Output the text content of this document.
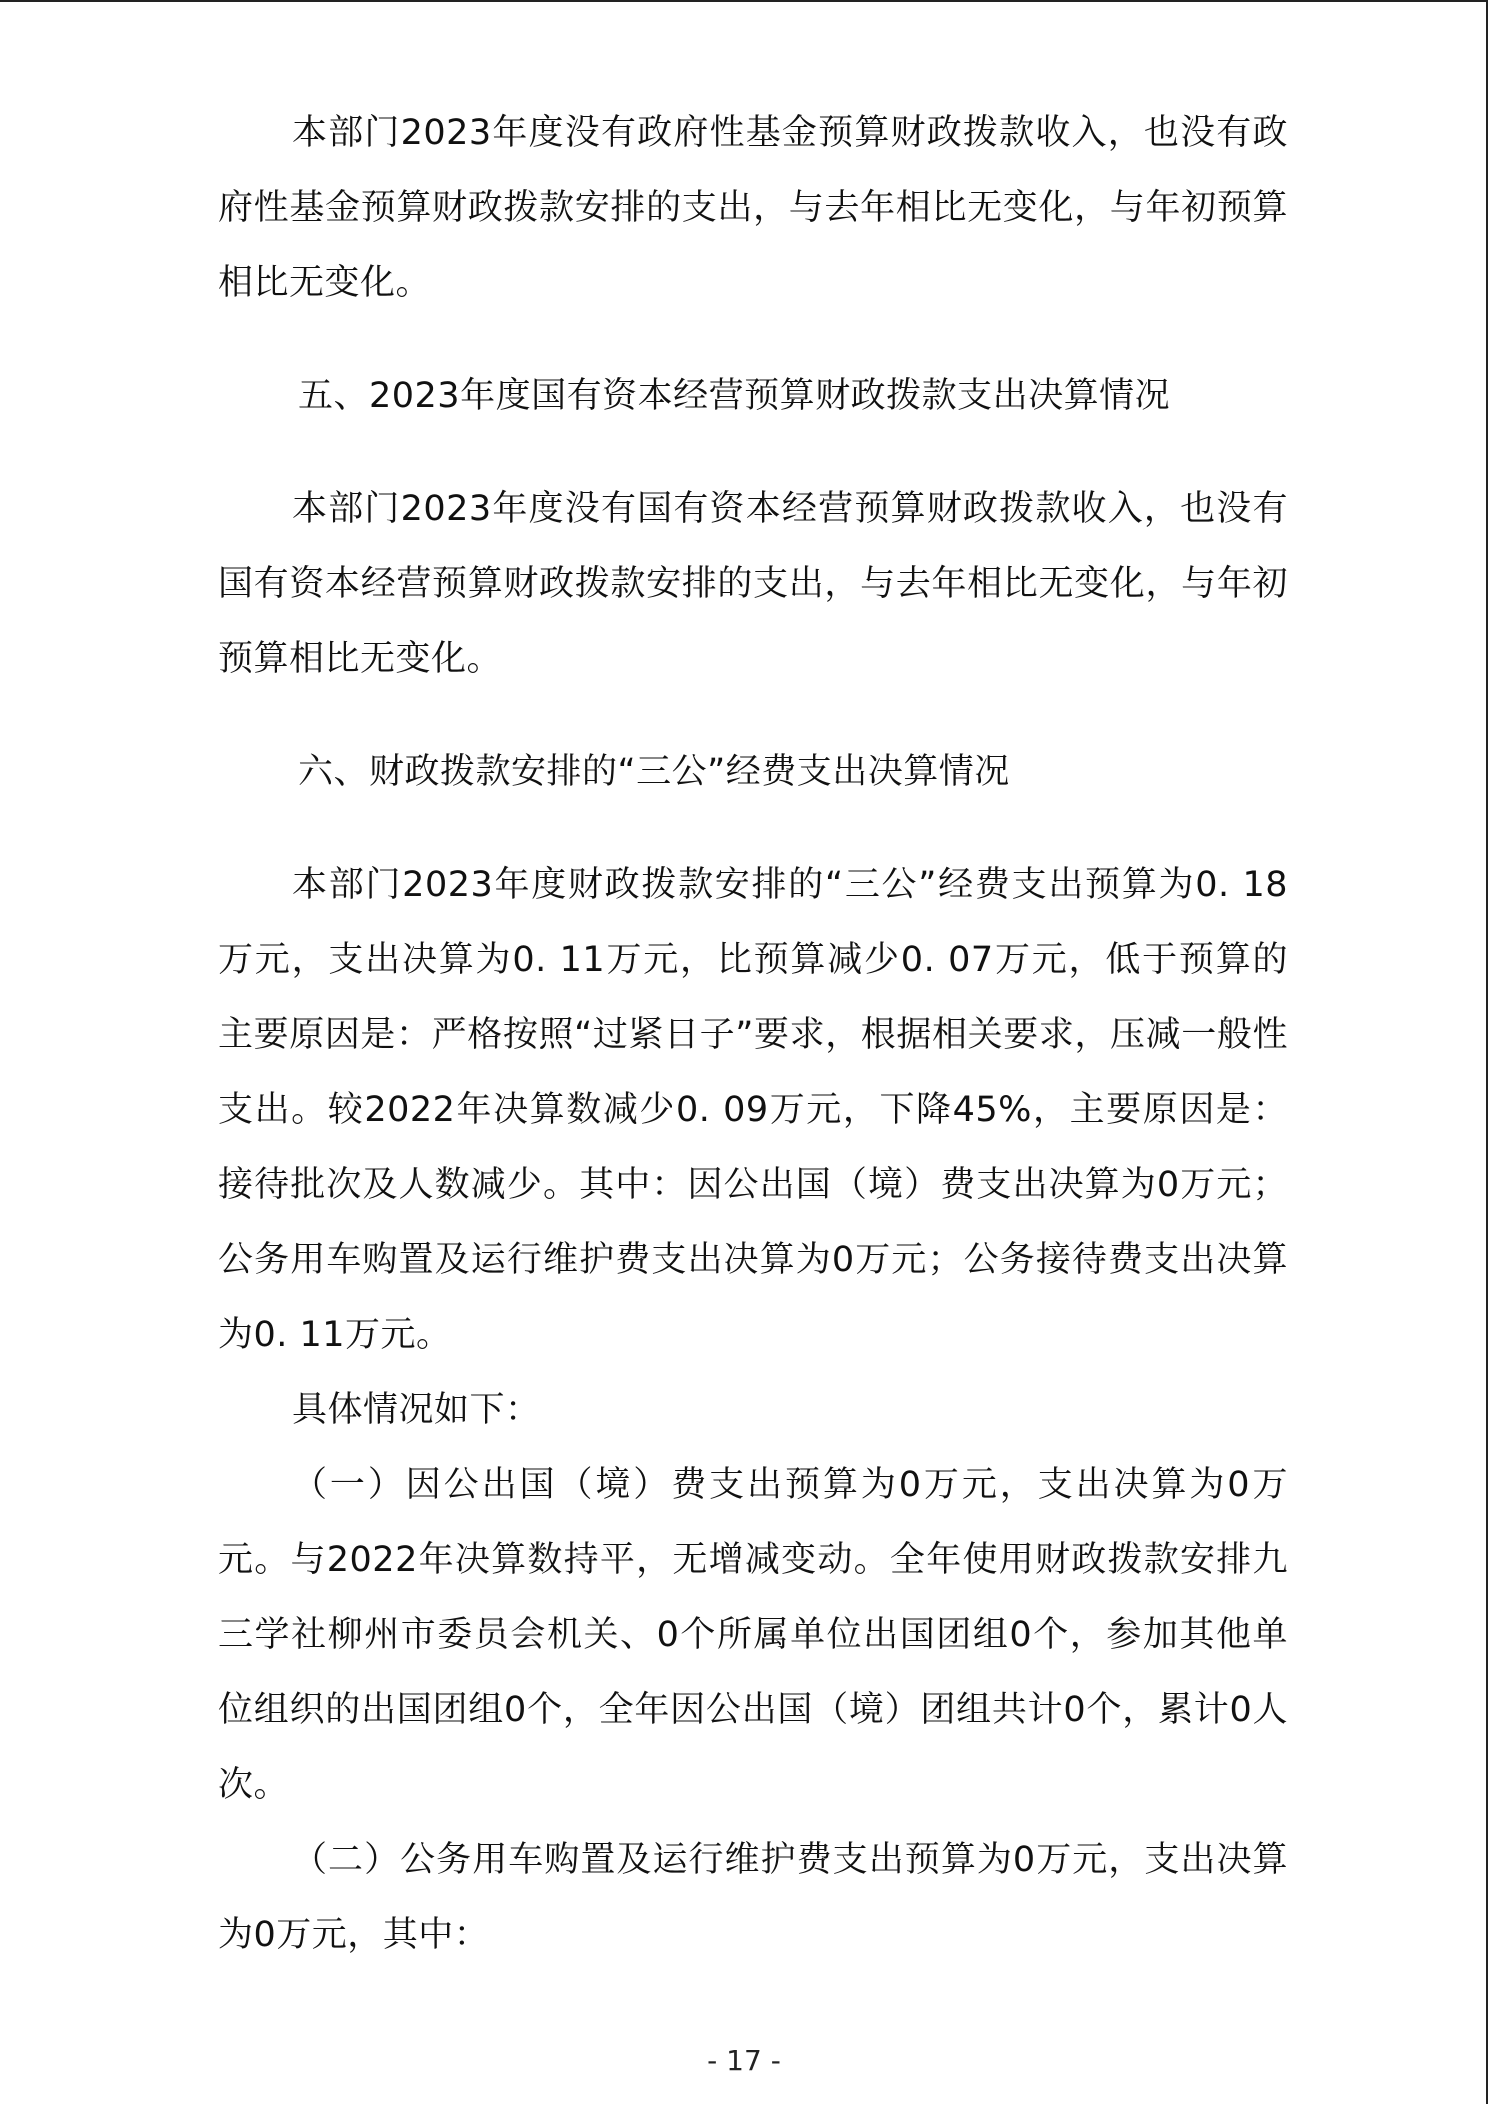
本部门2023年度没有政府性基金预算财政拨款收入，也没有政府性基金预算财政拨款安排的支出，与去年相比无变化，与年初预算相比无变化。

五、2023年度国有资本经营预算财政拨款支出决算情况

本部门2023年度没有国有资本经营预算财政拨款收入，也没有国有资本经营预算财政拨款安排的支出，与去年相比无变化，与年初预算相比无变化。

六、财政拨款安排的“三公”经费支出决算情况

本部门2023年度财政拨款安排的“三公”经费支出预算为0. 18万元，支出决算为0. 11万元，比预算减少0. 07万元，低于预算的主要原因是：严格按照“过紧日子”要求，根据相关要求，压减一般性支出。较2022年决算数减少0. 09万元，下降45%，主要原因是：接待批次及人数减少。其中：因公出国（境）费支出决算为0万元；公务用车购置及运行维护费支出决算为0万元；公务接待费支出决算为0. 11万元。

具体情况如下：

（一）因公出国（境）费支出预算为0万元，支出决算为0万元。与2022年决算数持平，无增减变动。全年使用财政拨款安排九三学社柳州市委员会机关、0个所属单位出国团组0个，参加其他单位组织的出国团组0个，全年因公出国（境）团组共计0个，累计0人次。

（二）公务用车购置及运行维护费支出预算为0万元，支出决算为0万元，其中：

- 17 -
